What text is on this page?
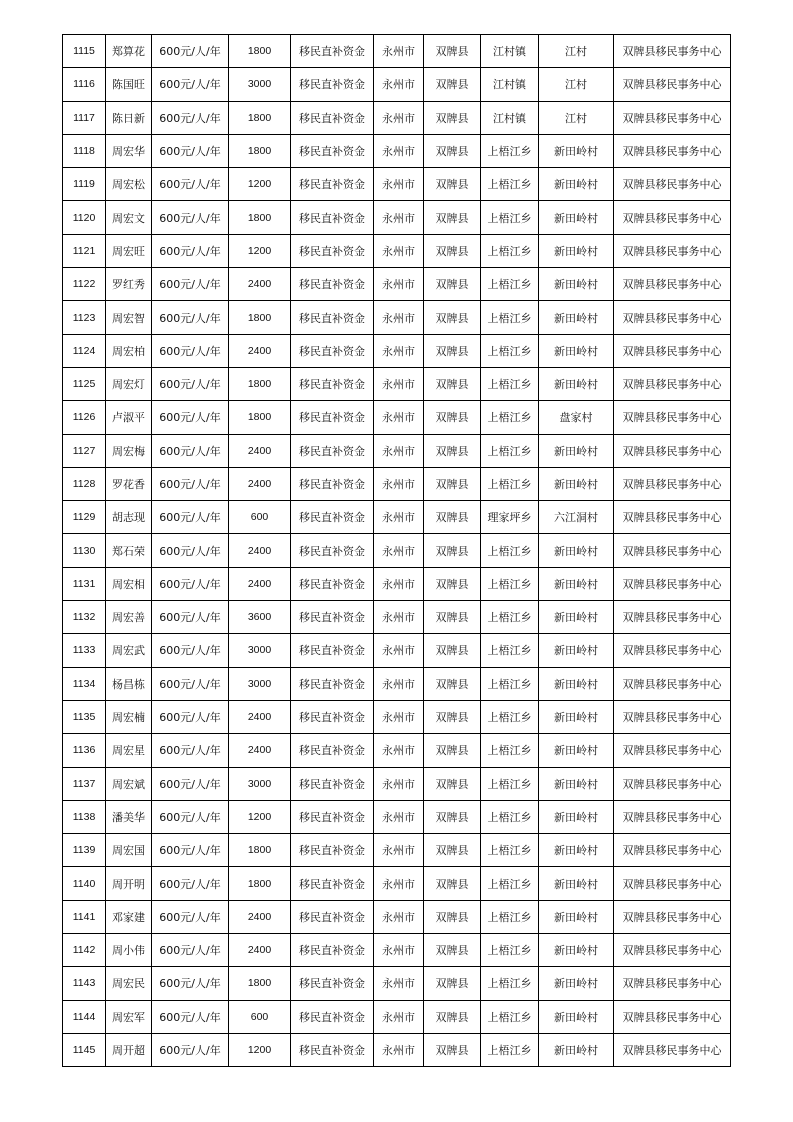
1115	郑算花	600元/人/年	1800	移民直补资金	永州市	双牌县	江村镇	江村	双牌县移民事务中心
1116	陈国旺	600元/人/年	3000	移民直补资金	永州市	双牌县	江村镇	江村	双牌县移民事务中心
1117	陈日新	600元/人/年	1800	移民直补资金	永州市	双牌县	江村镇	江村	双牌县移民事务中心
1118	周宏华	600元/人/年	1800	移民直补资金	永州市	双牌县	上梧江乡	新田岭村	双牌县移民事务中心
1119	周宏松	600元/人/年	1200	移民直补资金	永州市	双牌县	上梧江乡	新田岭村	双牌县移民事务中心
1120	周宏文	600元/人/年	1800	移民直补资金	永州市	双牌县	上梧江乡	新田岭村	双牌县移民事务中心
1121	周宏旺	600元/人/年	1200	移民直补资金	永州市	双牌县	上梧江乡	新田岭村	双牌县移民事务中心
1122	罗红秀	600元/人/年	2400	移民直补资金	永州市	双牌县	上梧江乡	新田岭村	双牌县移民事务中心
1123	周宏智	600元/人/年	1800	移民直补资金	永州市	双牌县	上梧江乡	新田岭村	双牌县移民事务中心
1124	周宏柏	600元/人/年	2400	移民直补资金	永州市	双牌县	上梧江乡	新田岭村	双牌县移民事务中心
1125	周宏灯	600元/人/年	1800	移民直补资金	永州市	双牌县	上梧江乡	新田岭村	双牌县移民事务中心
1126	卢淑平	600元/人/年	1800	移民直补资金	永州市	双牌县	上梧江乡	盘家村	双牌县移民事务中心
1127	周宏梅	600元/人/年	2400	移民直补资金	永州市	双牌县	上梧江乡	新田岭村	双牌县移民事务中心
1128	罗花香	600元/人/年	2400	移民直补资金	永州市	双牌县	上梧江乡	新田岭村	双牌县移民事务中心
1129	胡志现	600元/人/年	600	移民直补资金	永州市	双牌县	理家坪乡	六江洞村	双牌县移民事务中心
1130	郑石荣	600元/人/年	2400	移民直补资金	永州市	双牌县	上梧江乡	新田岭村	双牌县移民事务中心
1131	周宏相	600元/人/年	2400	移民直补资金	永州市	双牌县	上梧江乡	新田岭村	双牌县移民事务中心
1132	周宏善	600元/人/年	3600	移民直补资金	永州市	双牌县	上梧江乡	新田岭村	双牌县移民事务中心
1133	周宏武	600元/人/年	3000	移民直补资金	永州市	双牌县	上梧江乡	新田岭村	双牌县移民事务中心
1134	杨昌栋	600元/人/年	3000	移民直补资金	永州市	双牌县	上梧江乡	新田岭村	双牌县移民事务中心
1135	周宏楠	600元/人/年	2400	移民直补资金	永州市	双牌县	上梧江乡	新田岭村	双牌县移民事务中心
1136	周宏星	600元/人/年	2400	移民直补资金	永州市	双牌县	上梧江乡	新田岭村	双牌县移民事务中心
1137	周宏斌	600元/人/年	3000	移民直补资金	永州市	双牌县	上梧江乡	新田岭村	双牌县移民事务中心
1138	潘美华	600元/人/年	1200	移民直补资金	永州市	双牌县	上梧江乡	新田岭村	双牌县移民事务中心
1139	周宏国	600元/人/年	1800	移民直补资金	永州市	双牌县	上梧江乡	新田岭村	双牌县移民事务中心
1140	周开明	600元/人/年	1800	移民直补资金	永州市	双牌县	上梧江乡	新田岭村	双牌县移民事务中心
1141	邓家建	600元/人/年	2400	移民直补资金	永州市	双牌县	上梧江乡	新田岭村	双牌县移民事务中心
1142	周小伟	600元/人/年	2400	移民直补资金	永州市	双牌县	上梧江乡	新田岭村	双牌县移民事务中心
1143	周宏民	600元/人/年	1800	移民直补资金	永州市	双牌县	上梧江乡	新田岭村	双牌县移民事务中心
1144	周宏军	600元/人/年	600	移民直补资金	永州市	双牌县	上梧江乡	新田岭村	双牌县移民事务中心
1145	周开超	600元/人/年	1200	移民直补资金	永州市	双牌县	上梧江乡	新田岭村	双牌县移民事务中心
